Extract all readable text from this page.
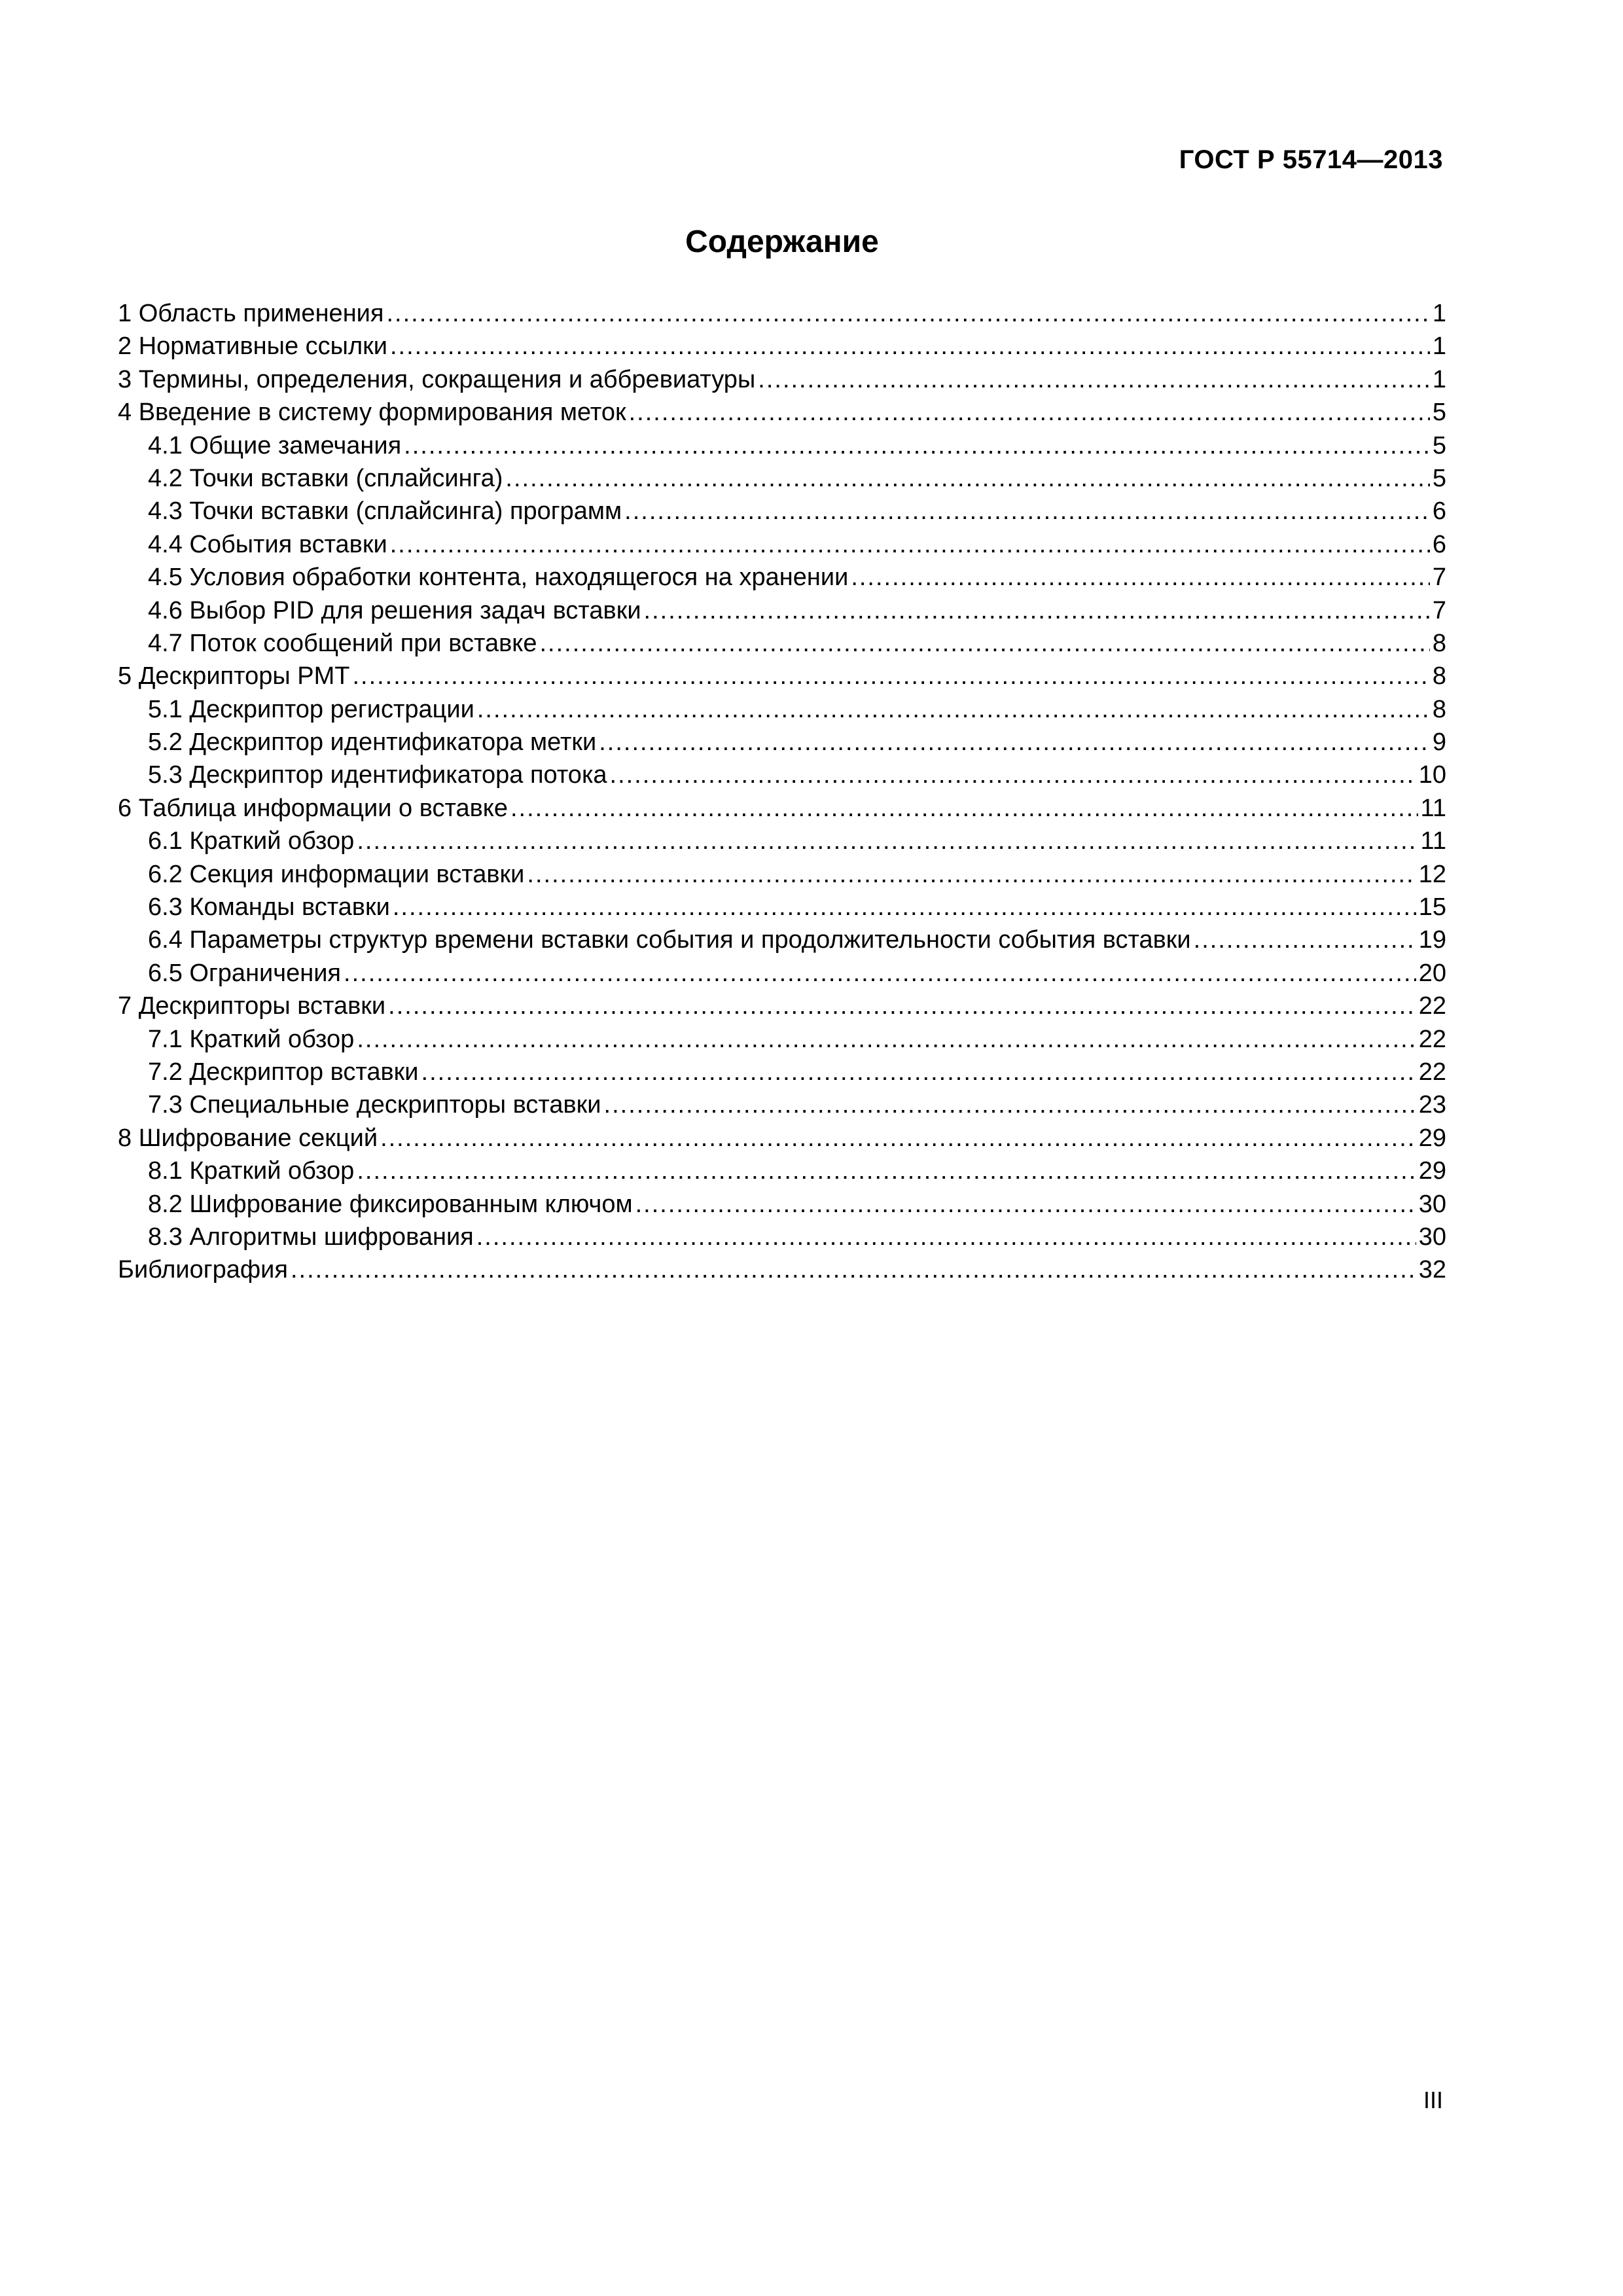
ГОСТ Р 55714—2013
Содержание
1 Область применения .....	1
2 Нормативные ссылки .....	1
3 Термины, определения, сокращения и аббревиатуры .....	1
4 Введение в систему формирования меток .....	5
4.1 Общие замечания .....	5
4.2 Точки вставки (сплайсинга) .....	5
4.3 Точки вставки (сплайсинга) программ .....	6
4.4 События вставки .....	6
4.5 Условия обработки контента, находящегося на хранении .....	7
4.6 Выбор PID для решения задач вставки .....	7
4.7 Поток сообщений при вставке .....	8
5 Дескрипторы PMT .....	8
5.1 Дескриптор регистрации .....	8
5.2 Дескриптор идентификатора метки .....	9
5.3 Дескриптор идентификатора потока .....	10
6 Таблица информации о вставке .....	11
6.1 Краткий обзор .....	11
6.2 Секция информации вставки .....	12
6.3 Команды вставки .....	15
6.4 Параметры структур времени вставки события и продолжительности события вставки .....	19
6.5 Ограничения .....	20
7 Дескрипторы вставки .....	22
7.1 Краткий обзор .....	22
7.2 Дескриптор вставки .....	22
7.3 Специальные дескрипторы вставки .....	23
8 Шифрование секций .....	29
8.1 Краткий обзор .....	29
8.2 Шифрование фиксированным ключом .....	30
8.3 Алгоритмы шифрования .....	30
Библиография .....	32
III
